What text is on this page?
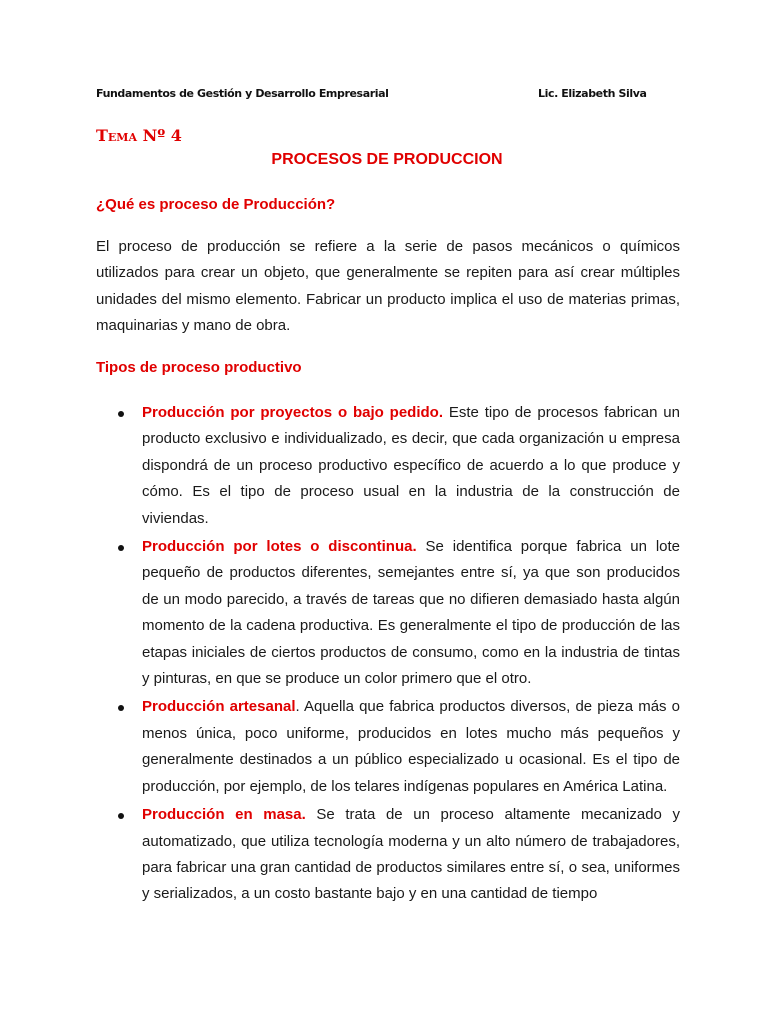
Fundamentos de Gestión y Desarrollo Empresarial	Lic. Elizabeth Silva
Tema Nº 4
PROCESOS DE PRODUCCION
¿Qué es proceso de Producción?

El proceso de producción se refiere a la serie de pasos mecánicos o químicos utilizados para crear un objeto, que generalmente se repiten para así crear múltiples unidades del mismo elemento. Fabricar un producto implica el uso de materias primas, maquinarias y mano de obra.

Tipos de proceso productivo
Producción por proyectos o bajo pedido. Este tipo de procesos fabrican un producto exclusivo e individualizado, es decir, que cada organización u empresa dispondrá de un proceso productivo específico de acuerdo a lo que produce y cómo. Es el tipo de proceso usual en la industria de la construcción de viviendas.
Producción por lotes o discontinua. Se identifica porque fabrica un lote pequeño de productos diferentes, semejantes entre sí, ya que son producidos de un modo parecido, a través de tareas que no difieren demasiado hasta algún momento de la cadena productiva. Es generalmente el tipo de producción de las etapas iniciales de ciertos productos de consumo, como en la industria de tintas y pinturas, en que se produce un color primero que el otro.
Producción artesanal. Aquella que fabrica productos diversos, de pieza más o menos única, poco uniforme, producidos en lotes mucho más pequeños y generalmente destinados a un público especializado u ocasional. Es el tipo de producción, por ejemplo, de los telares indígenas populares en América Latina.
Producción en masa. Se trata de un proceso altamente mecanizado y automatizado, que utiliza tecnología moderna y un alto número de trabajadores, para fabricar una gran cantidad de productos similares entre sí, o sea, uniformes y serializados, a un costo bastante bajo y en una cantidad de tiempo
